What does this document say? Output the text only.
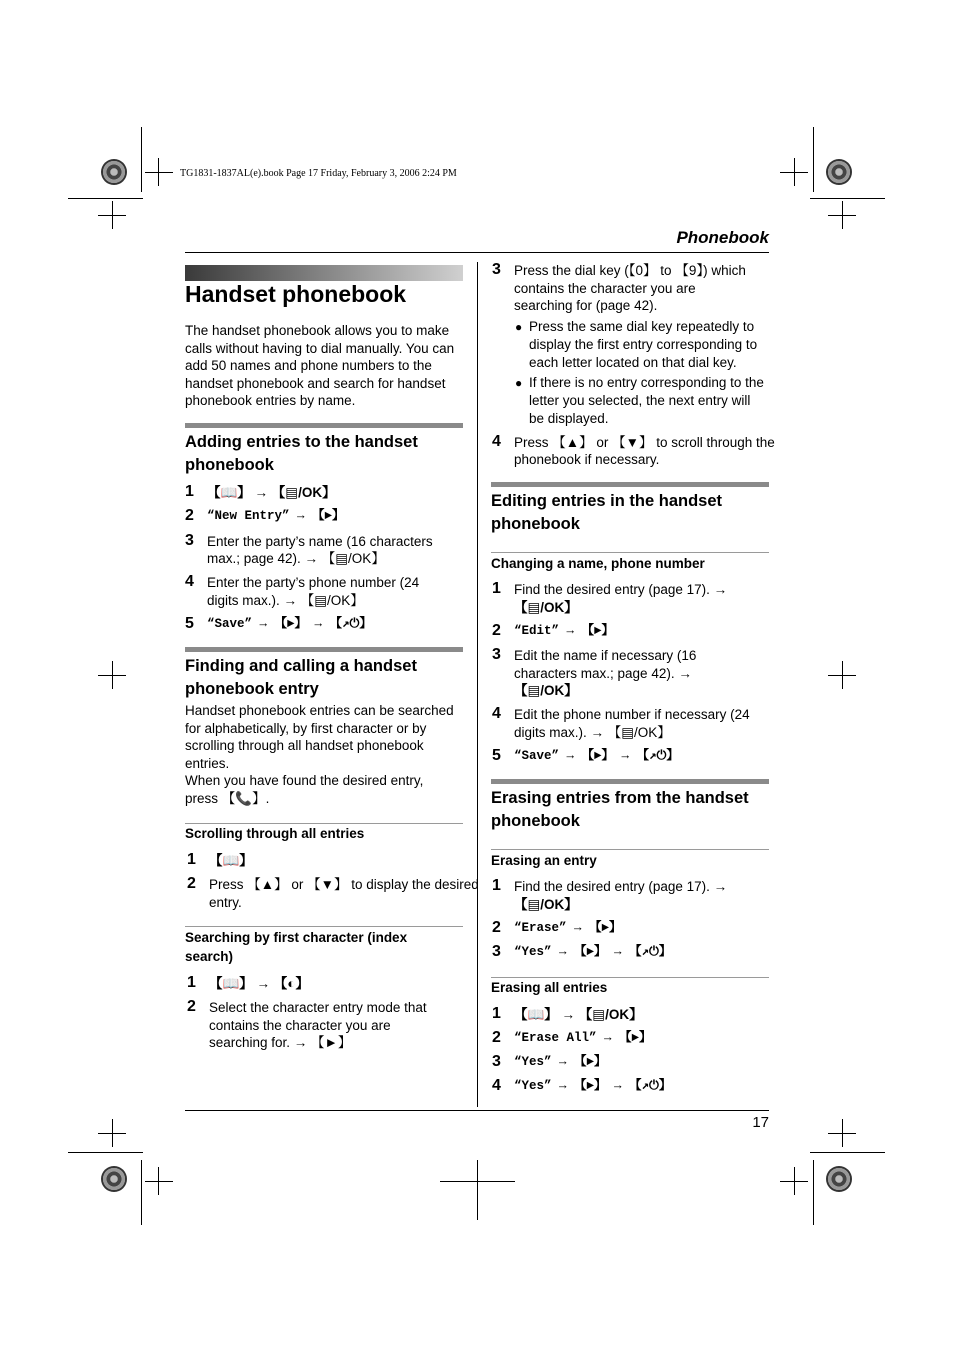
TG1831-1837AL(e).book Page 17 Friday, February 3, 2006 2:24 PM
Phonebook
Handset phonebook
The handset phonebook allows you to make calls without having to dial manually. You can add 50 names and phone numbers to the handset phonebook and search for handset phonebook entries by name.
Adding entries to the handset phonebook
1 【📖】 → 【▤/OK】
2 “New Entry” → 【►】
3 Enter the party’s name (16 characters
max.; page 42). → 【▤/OK】
4 Enter the party’s phone number (24
digits max.). → 【▤/OK】
5 “Save” → 【►】 → 【↗⏻】
Finding and calling a handset phonebook entry
Handset phonebook entries can be searched for alphabetically, by first character or by scrolling through all handset phonebook entries.
When you have found the desired entry, press 【📞】.
Scrolling through all entries
1 【📖】
2 Press 【▲】 or 【▼】 to display the desired
entry.
Searching by first character (index search)
1 【📖】 → 【◐】
2 Select the character entry mode that
contains the character you are
searching for. → 【►】
3 Press the dial key (【0】 to 【9】) which
contains the character you are
searching for (page 42).
● Press the same dial key repeatedly to display the first entry corresponding to each letter located on that dial key.
● If there is no entry corresponding to the letter you selected, the next entry will be displayed.
4 Press 【▲】 or 【▼】 to scroll through the
phonebook if necessary.
Editing entries in the handset phonebook
Changing a name, phone number
1 Find the desired entry (page 17). →
【▤/OK】
2 “Edit” → 【►】
3 Edit the name if necessary (16
characters max.; page 42). →
【▤/OK】
4 Edit the phone number if necessary (24
digits max.). → 【▤/OK】
5 “Save” → 【►】 → 【↗⏻】
Erasing entries from the handset phonebook
Erasing an entry
1 Find the desired entry (page 17). →
【▤/OK】
2 “Erase” → 【►】
3 “Yes” → 【►】 → 【↗⏻】
Erasing all entries
1 【📖】 → 【▤/OK】
2 “Erase All” → 【►】
3 “Yes” → 【►】
4 “Yes” → 【►】 → 【↗⏻】
17
